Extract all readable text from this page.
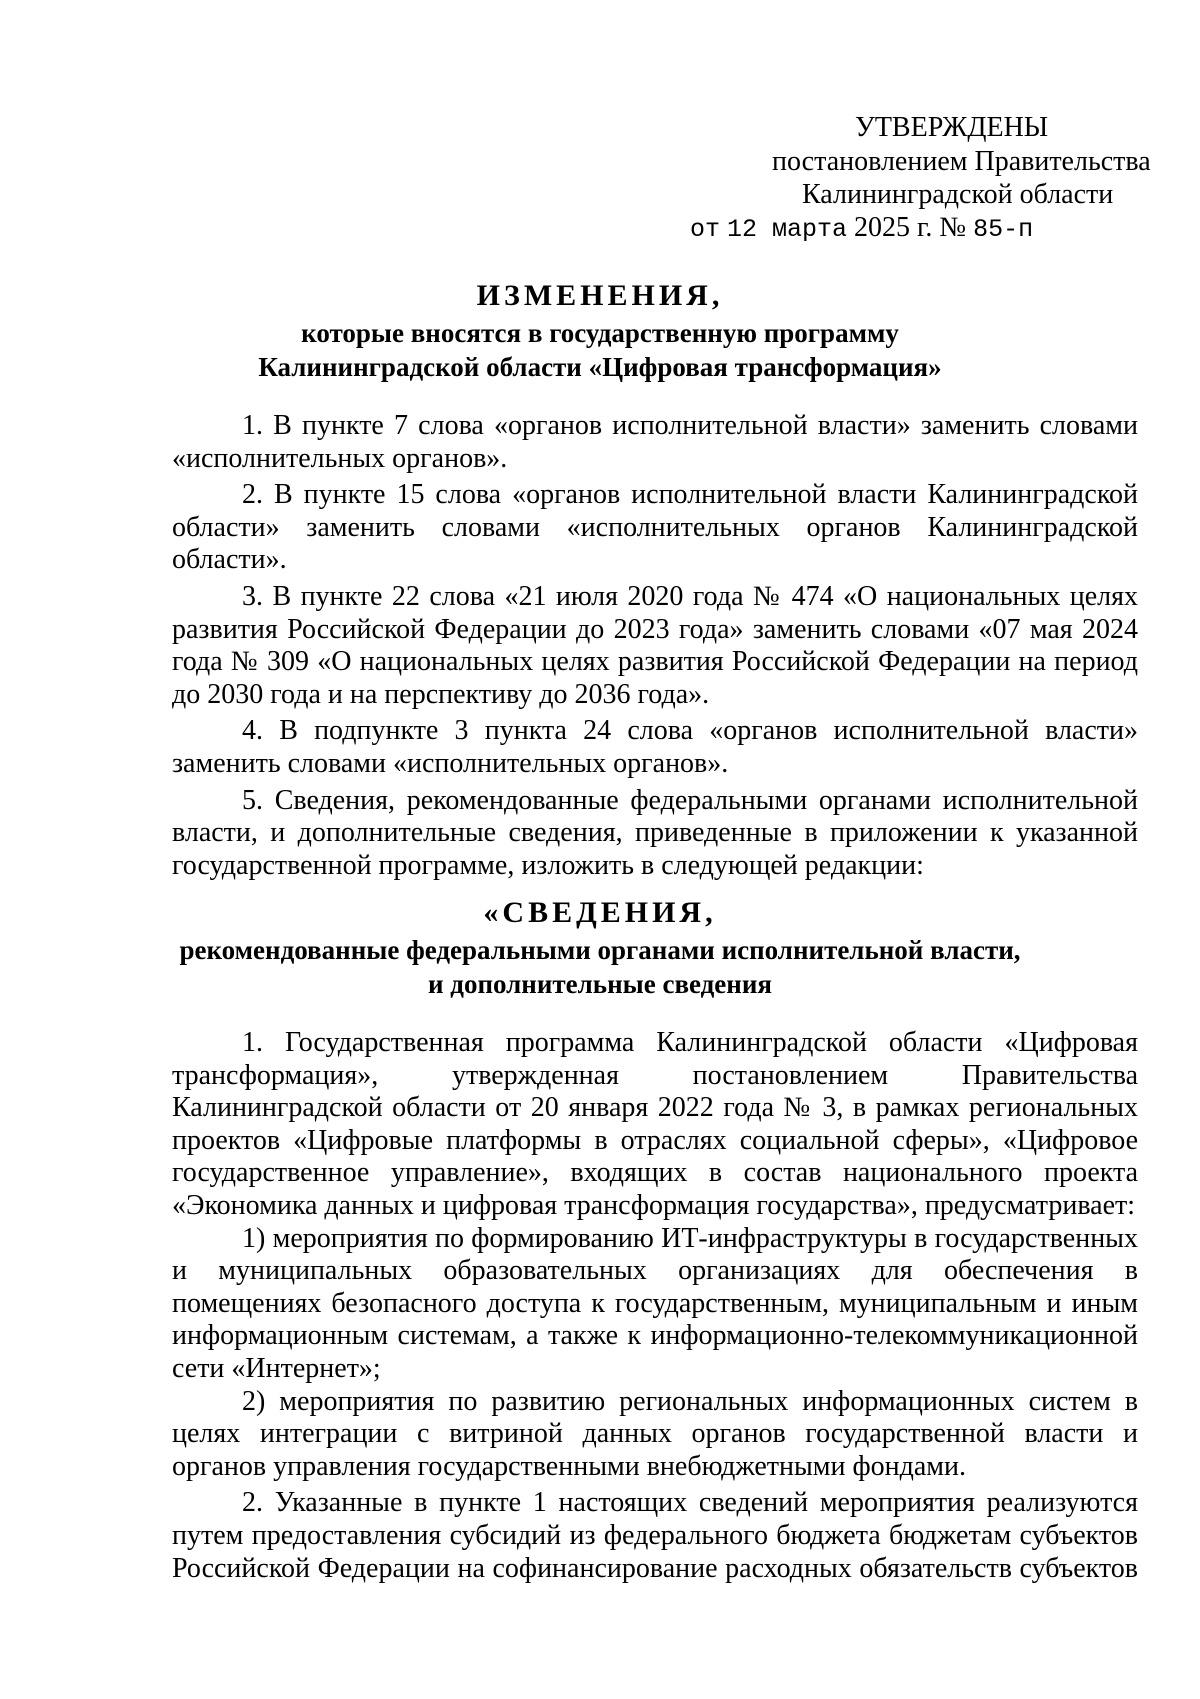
УТВЕРЖДЕНЫ
постановлением Правительства
Калининградской области
от 12 марта 2025 г. № 85-п
ИЗМЕНЕНИЯ,
которые вносятся в государственную программу
Калининградской области «Цифровая трансформация»

1. В пункте 7 слова «органов исполнительной власти» заменить словами «исполнительных органов».

2. В пункте 15 слова «органов исполнительной власти Калининградской области» заменить словами «исполнительных органов Калининградской области».

3. В пункте 22 слова «21 июля 2020 года № 474 «О национальных целях развития Российской Федерации до 2023 года» заменить словами «07 мая 2024 года № 309 «О национальных целях развития Российской Федерации на период до 2030 года и на перспективу до 2036 года».

4. В подпункте 3 пункта 24 слова «органов исполнительной власти» заменить словами «исполнительных органов».

5. Сведения, рекомендованные федеральными органами исполнительной власти, и дополнительные сведения, приведенные в приложении к указанной государственной программе, изложить в следующей редакции:

«СВЕДЕНИЯ,
рекомендованные федеральными органами исполнительной власти,
и дополнительные сведения

1. Государственная программа Калининградской области «Цифровая трансформация», утвержденная постановлением Правительства Калининградской области от 20 января 2022 года № 3, в рамках региональных проектов «Цифровые платформы в отраслях социальной сферы», «Цифровое государственное управление», входящих в состав национального проекта «Экономика данных и цифровая трансформация государства», предусматривает:

1) мероприятия по формированию ИТ-инфраструктуры в государственных и муниципальных образовательных организациях для обеспечения в помещениях безопасного доступа к государственным, муниципальным и иным информационным системам, а также к информационно-телекоммуникационной сети «Интернет»;

2) мероприятия по развитию региональных информационных систем в целях интеграции с витриной данных органов государственной власти и органов управления государственными внебюджетными фондами.

2. Указанные в пункте 1 настоящих сведений мероприятия реализуются путем предоставления субсидий из федерального бюджета бюджетам субъектов Российской Федерации на софинансирование расходных обязательств субъектов
